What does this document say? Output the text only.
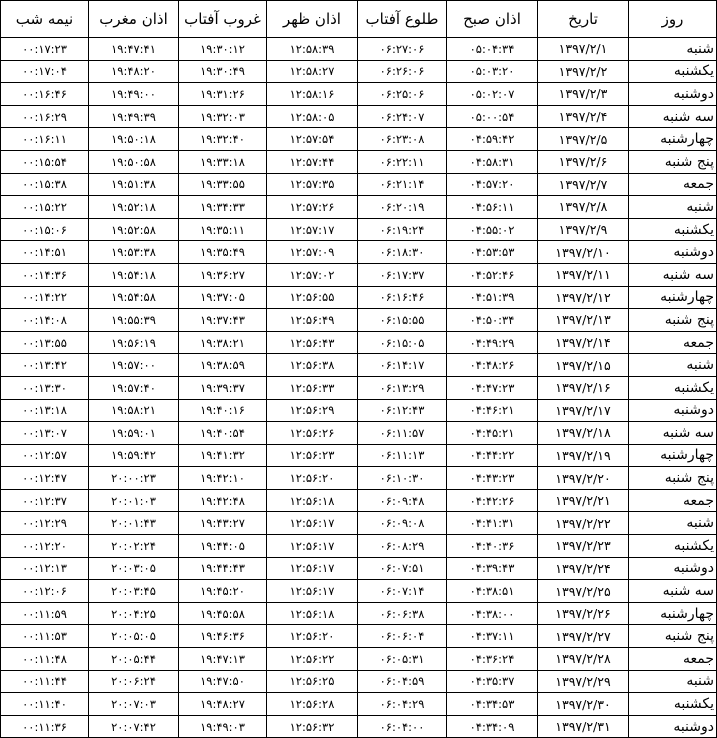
روز	تاریخ	اذان صبح	طلوع آفتاب	اذان ظهر	غروب آفتاب	اذان مغرب	نیمه شب
شنبه	۱۳۹۷/۲/۱	۰۵:۰۴:۳۴	۰۶:۲۷:۰۶	۱۲:۵۸:۳۹	۱۹:۳۰:۱۲	۱۹:۴۷:۴۱	۰۰:۱۷:۲۳
یکشنبه	۱۳۹۷/۲/۲	۰۵:۰۳:۲۰	۰۶:۲۶:۰۶	۱۲:۵۸:۲۷	۱۹:۳۰:۴۹	۱۹:۴۸:۲۰	۰۰:۱۷:۰۴
دوشنبه	۱۳۹۷/۲/۳	۰۵:۰۲:۰۷	۰۶:۲۵:۰۶	۱۲:۵۸:۱۶	۱۹:۳۱:۲۶	۱۹:۴۹:۰۰	۰۰:۱۶:۴۶
سه شنبه	۱۳۹۷/۲/۴	۰۵:۰۰:۵۴	۰۶:۲۴:۰۷	۱۲:۵۸:۰۵	۱۹:۳۲:۰۳	۱۹:۴۹:۳۹	۰۰:۱۶:۲۹
چهارشنبه	۱۳۹۷/۲/۵	۰۴:۵۹:۴۲	۰۶:۲۳:۰۸	۱۲:۵۷:۵۴	۱۹:۳۲:۴۰	۱۹:۵۰:۱۸	۰۰:۱۶:۱۱
پنج شنبه	۱۳۹۷/۲/۶	۰۴:۵۸:۳۱	۰۶:۲۲:۱۱	۱۲:۵۷:۴۴	۱۹:۳۳:۱۸	۱۹:۵۰:۵۸	۰۰:۱۵:۵۴
جمعه	۱۳۹۷/۲/۷	۰۴:۵۷:۲۰	۰۶:۲۱:۱۴	۱۲:۵۷:۳۵	۱۹:۳۳:۵۵	۱۹:۵۱:۳۸	۰۰:۱۵:۳۸
شنبه	۱۳۹۷/۲/۸	۰۴:۵۶:۱۱	۰۶:۲۰:۱۹	۱۲:۵۷:۲۶	۱۹:۳۴:۳۳	۱۹:۵۲:۱۸	۰۰:۱۵:۲۲
یکشنبه	۱۳۹۷/۲/۹	۰۴:۵۵:۰۲	۰۶:۱۹:۲۴	۱۲:۵۷:۱۷	۱۹:۳۵:۱۱	۱۹:۵۲:۵۸	۰۰:۱۵:۰۶
دوشنبه	۱۳۹۷/۲/۱۰	۰۴:۵۳:۵۳	۰۶:۱۸:۳۰	۱۲:۵۷:۰۹	۱۹:۳۵:۴۹	۱۹:۵۳:۳۸	۰۰:۱۴:۵۱
سه شنبه	۱۳۹۷/۲/۱۱	۰۴:۵۲:۴۶	۰۶:۱۷:۳۷	۱۲:۵۷:۰۲	۱۹:۳۶:۲۷	۱۹:۵۴:۱۸	۰۰:۱۴:۳۶
چهارشنبه	۱۳۹۷/۲/۱۲	۰۴:۵۱:۳۹	۰۶:۱۶:۴۶	۱۲:۵۶:۵۵	۱۹:۳۷:۰۵	۱۹:۵۴:۵۸	۰۰:۱۴:۲۲
پنج شنبه	۱۳۹۷/۲/۱۳	۰۴:۵۰:۳۴	۰۶:۱۵:۵۵	۱۲:۵۶:۴۹	۱۹:۳۷:۴۳	۱۹:۵۵:۳۹	۰۰:۱۴:۰۸
جمعه	۱۳۹۷/۲/۱۴	۰۴:۴۹:۲۹	۰۶:۱۵:۰۵	۱۲:۵۶:۴۳	۱۹:۳۸:۲۱	۱۹:۵۶:۱۹	۰۰:۱۳:۵۵
شنبه	۱۳۹۷/۲/۱۵	۰۴:۴۸:۲۶	۰۶:۱۴:۱۷	۱۲:۵۶:۳۸	۱۹:۳۸:۵۹	۱۹:۵۷:۰۰	۰۰:۱۳:۴۲
یکشنبه	۱۳۹۷/۲/۱۶	۰۴:۴۷:۲۳	۰۶:۱۳:۲۹	۱۲:۵۶:۳۳	۱۹:۳۹:۳۷	۱۹:۵۷:۴۰	۰۰:۱۳:۳۰
دوشنبه	۱۳۹۷/۲/۱۷	۰۴:۴۶:۲۱	۰۶:۱۲:۴۳	۱۲:۵۶:۲۹	۱۹:۴۰:۱۶	۱۹:۵۸:۲۱	۰۰:۱۳:۱۸
سه شنبه	۱۳۹۷/۲/۱۸	۰۴:۴۵:۲۱	۰۶:۱۱:۵۷	۱۲:۵۶:۲۶	۱۹:۴۰:۵۴	۱۹:۵۹:۰۱	۰۰:۱۳:۰۷
چهارشنبه	۱۳۹۷/۲/۱۹	۰۴:۴۴:۲۲	۰۶:۱۱:۱۳	۱۲:۵۶:۲۳	۱۹:۴۱:۳۲	۱۹:۵۹:۴۲	۰۰:۱۲:۵۷
پنج شنبه	۱۳۹۷/۲/۲۰	۰۴:۴۳:۲۳	۰۶:۱۰:۳۰	۱۲:۵۶:۲۰	۱۹:۴۲:۱۰	۲۰:۰۰:۲۳	۰۰:۱۲:۴۷
جمعه	۱۳۹۷/۲/۲۱	۰۴:۴۲:۲۶	۰۶:۰۹:۴۸	۱۲:۵۶:۱۸	۱۹:۴۲:۴۸	۲۰:۰۱:۰۳	۰۰:۱۲:۳۷
شنبه	۱۳۹۷/۲/۲۲	۰۴:۴۱:۳۱	۰۶:۰۹:۰۸	۱۲:۵۶:۱۷	۱۹:۴۳:۲۷	۲۰:۰۱:۴۳	۰۰:۱۲:۲۹
یکشنبه	۱۳۹۷/۲/۲۳	۰۴:۴۰:۳۶	۰۶:۰۸:۲۹	۱۲:۵۶:۱۷	۱۹:۴۴:۰۵	۲۰:۰۲:۲۴	۰۰:۱۲:۲۰
دوشنبه	۱۳۹۷/۲/۲۴	۰۴:۳۹:۴۳	۰۶:۰۷:۵۱	۱۲:۵۶:۱۷	۱۹:۴۴:۴۳	۲۰:۰۳:۰۵	۰۰:۱۲:۱۳
سه شنبه	۱۳۹۷/۲/۲۵	۰۴:۳۸:۵۱	۰۶:۰۷:۱۴	۱۲:۵۶:۱۷	۱۹:۴۵:۲۰	۲۰:۰۳:۴۵	۰۰:۱۲:۰۶
چهارشنبه	۱۳۹۷/۲/۲۶	۰۴:۳۸:۰۰	۰۶:۰۶:۳۸	۱۲:۵۶:۱۸	۱۹:۴۵:۵۸	۲۰:۰۴:۲۵	۰۰:۱۱:۵۹
پنج شنبه	۱۳۹۷/۲/۲۷	۰۴:۳۷:۱۱	۰۶:۰۶:۰۴	۱۲:۵۶:۲۰	۱۹:۴۶:۳۶	۲۰:۰۵:۰۵	۰۰:۱۱:۵۳
جمعه	۱۳۹۷/۲/۲۸	۰۴:۳۶:۲۴	۰۶:۰۵:۳۱	۱۲:۵۶:۲۲	۱۹:۴۷:۱۳	۲۰:۰۵:۴۴	۰۰:۱۱:۴۸
شنبه	۱۳۹۷/۲/۲۹	۰۴:۳۵:۳۷	۰۶:۰۴:۵۹	۱۲:۵۶:۲۵	۱۹:۴۷:۵۰	۲۰:۰۶:۲۴	۰۰:۱۱:۴۴
یکشنبه	۱۳۹۷/۲/۳۰	۰۴:۳۴:۵۳	۰۶:۰۴:۲۹	۱۲:۵۶:۲۸	۱۹:۴۸:۲۷	۲۰:۰۷:۰۳	۰۰:۱۱:۴۰
دوشنبه	۱۳۹۷/۲/۳۱	۰۴:۳۴:۰۹	۰۶:۰۴:۰۰	۱۲:۵۶:۳۲	۱۹:۴۹:۰۳	۲۰:۰۷:۴۲	۰۰:۱۱:۳۶
